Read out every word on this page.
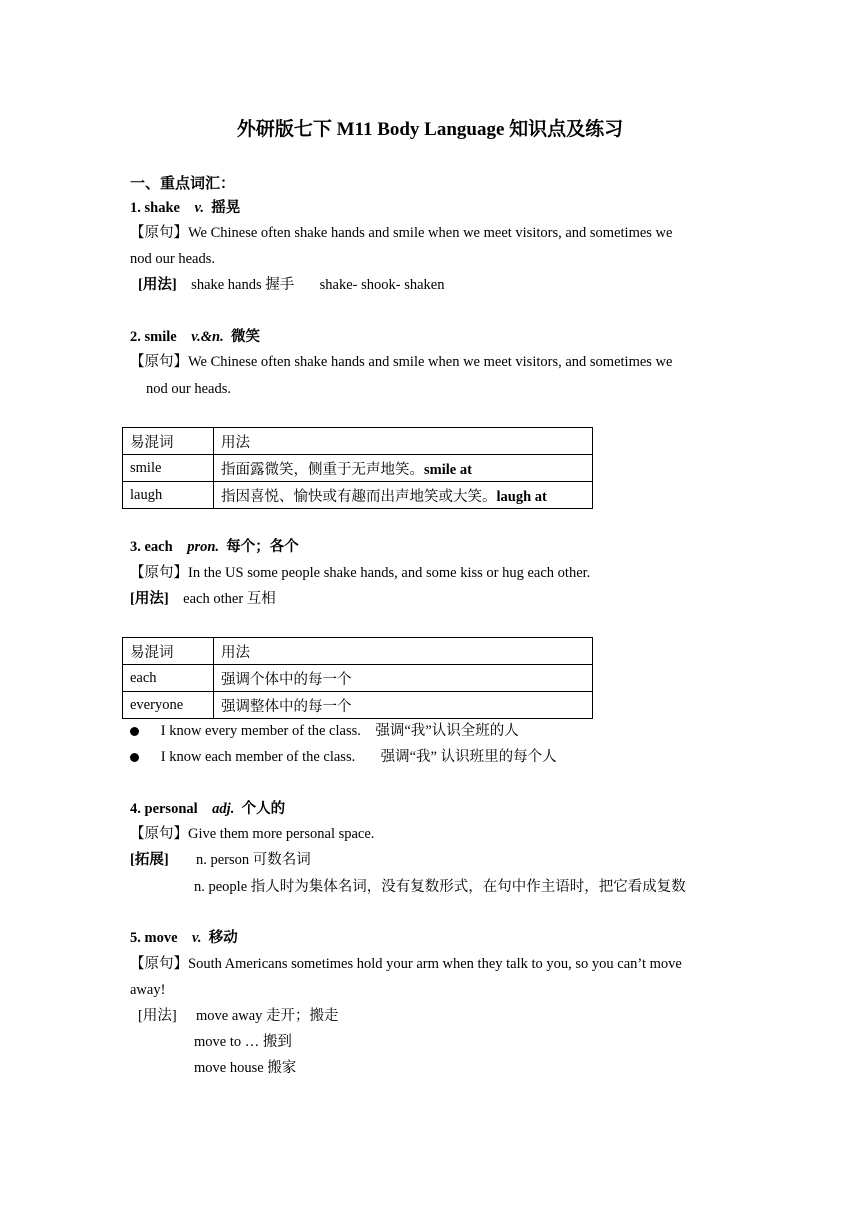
外研版七下 M11 Body Language 知识点及练习
一、重点词汇：
1. shake v. 摇晃
【原句】We Chinese often shake hands and smile when we meet visitors, and sometimes we
nod our heads.
[用法] shake hands 握手 shake- shook- shaken
2. smile v.&n. 微笑
【原句】We Chinese often shake hands and smile when we meet visitors, and sometimes we
nod our heads.
易混词	用法
smile	指面露微笑，侧重于无声地笑。smile at
laugh	指因喜悦、愉快或有趣而出声地笑或大笑。laugh at
3. each pron. 每个；各个
【原句】In the US some people shake hands, and some kiss or hug each other.
[用法] each other 互相
易混词	用法
each	强调个体中的每一个
everyone	强调整体中的每一个
I know every member of the class. 强调“我”认识全班的人
I know each member of the class. 强调“我” 认识班里的每个人
4. personal adj. 个人的
【原句】Give them more personal space.
[拓展] n. person 可数名词
n. people 指人时为集体名词，没有复数形式，在句中作主语时，把它看成复数
5. move v. 移动
【原句】South Americans sometimes hold your arm when they talk to you, so you can’t move
away!
[用法] move away 走开；搬走
move to … 搬到
move house 搬家
